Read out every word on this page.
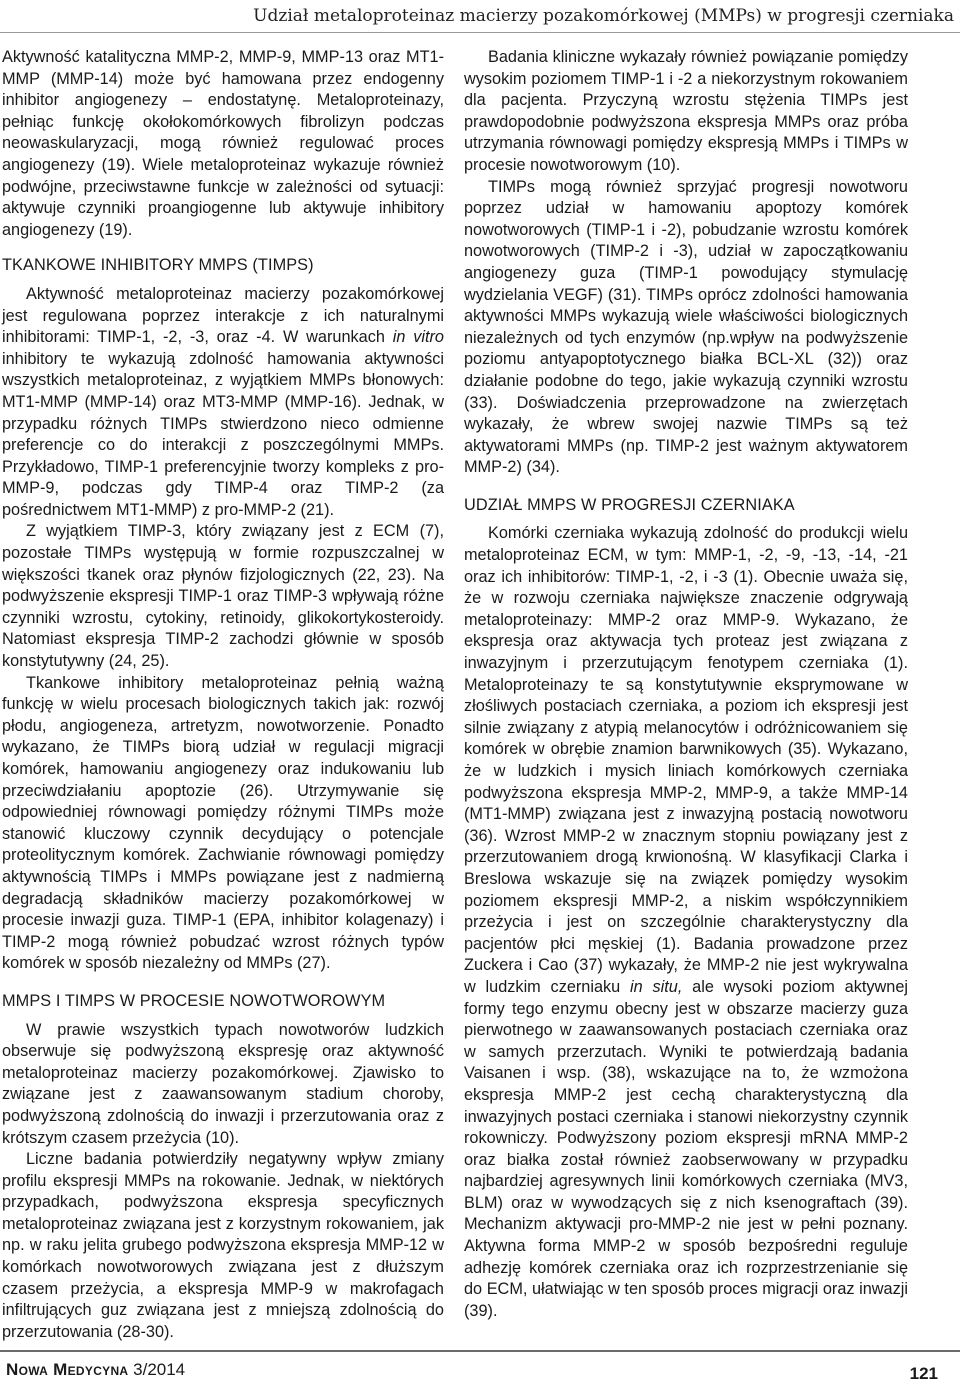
Udział metaloproteinaz macierzy pozakomórkowej (MMPs) w progresji czerniaka

Aktywność katalityczna MMP-2, MMP-9, MMP-13 oraz MT1-MMP (MMP-14) może być hamowana przez endogenny inhibitor angiogenezy – endostatynę. Metaloproteinazy, pełniąc funkcję okołokomórkowych fibrolizyn podczas neowaskularyzacji, mogą również regulować proces angiogenezy (19). Wiele metaloproteinaz wykazuje również podwójne, przeciwstawne funkcje w zależności od sytuacji: aktywuje czynniki proangiogenne lub aktywuje inhibitory angiogenezy (19).

TKANKOWE INHIBITORY MMPS (TIMPS)

Aktywność metaloproteinaz macierzy pozakomórkowej jest regulowana poprzez interakcje z ich naturalnymi inhibitorami: TIMP-1, -2, -3, oraz -4. W warunkach in vitro inhibitory te wykazują zdolność hamowania aktywności wszystkich metaloproteinaz, z wyjątkiem MMPs błonowych: MT1-MMP (MMP-14) oraz MT3-MMP (MMP-16). Jednak, w przypadku różnych TIMPs stwierdzono nieco odmienne preferencje co do interakcji z poszczególnymi MMPs. Przykładowo, TIMP-1 preferencyjnie tworzy kompleks z pro-MMP-9, podczas gdy TIMP-4 oraz TIMP-2 (za pośrednictwem MT1-MMP) z pro-MMP-2 (21).

Z wyjątkiem TIMP-3, który związany jest z ECM (7), pozostałe TIMPs występują w formie rozpuszczalnej w większości tkanek oraz płynów fizjologicznych (22, 23). Na podwyższenie ekspresji TIMP-1 oraz TIMP-3 wpływają różne czynniki wzrostu, cytokiny, retinoidy, glikokortykosteroidy. Natomiast ekspresja TIMP-2 zachodzi głównie w sposób konstytutywny (24, 25).

Tkankowe inhibitory metaloproteinaz pełnią ważną funkcję w wielu procesach biologicznych takich jak: rozwój płodu, angiogeneza, artretyzm, nowotworzenie. Ponadto wykazano, że TIMPs biorą udział w regulacji migracji komórek, hamowaniu angiogenezy oraz indukowaniu lub przeciwdziałaniu apoptozie (26). Utrzymywanie się odpowiedniej równowagi pomiędzy różnymi TIMPs może stanowić kluczowy czynnik decydujący o potencjale proteolitycznym komórek. Zachwianie równowagi pomiędzy aktywnością TIMPs i MMPs powiązane jest z nadmierną degradacją składników macierzy pozakomórkowej w procesie inwazji guza. TIMP-1 (EPA, inhibitor kolagenazy) i TIMP-2 mogą również pobudzać wzrost różnych typów komórek w sposób niezależny od MMPs (27).

MMPS I TIMPS W PROCESIE NOWOTWOROWYM

W prawie wszystkich typach nowotworów ludzkich obserwuje się podwyższoną ekspresję oraz aktywność metaloproteinaz macierzy pozakomórkowej. Zjawisko to związane jest z zaawansowanym stadium choroby, podwyższoną zdolnością do inwazji i przerzutowania oraz z krótszym czasem przeżycia (10).

Liczne badania potwierdziły negatywny wpływ zmiany profilu ekspresji MMPs na rokowanie. Jednak, w niektórych przypadkach, podwyższona ekspresja specyficznych metaloproteinaz związana jest z korzystnym rokowaniem, jak np. w raku jelita grubego podwyższona ekspresja MMP-12 w komórkach nowotworowych związana jest z dłuższym czasem przeżycia, a ekspresja MMP-9 w makrofagach infiltrujących guz związana jest z mniejszą zdolnością do przerzutowania (28-30).

Badania kliniczne wykazały również powiązanie pomiędzy wysokim poziomem TIMP-1 i -2 a niekorzystnym rokowaniem dla pacjenta. Przyczyną wzrostu stężenia TIMPs jest prawdopodobnie podwyższona ekspresja MMPs oraz próba utrzymania równowagi pomiędzy ekspresją MMPs i TIMPs w procesie nowotworowym (10).

TIMPs mogą również sprzyjać progresji nowotworu poprzez udział w hamowaniu apoptozy komórek nowotworowych (TIMP-1 i -2), pobudzanie wzrostu komórek nowotworowych (TIMP-2 i -3), udział w zapoczątkowaniu angiogenezy guza (TIMP-1 powodujący stymulację wydzielania VEGF) (31). TIMPs oprócz zdolności hamowania aktywności MMPs wykazują wiele właściwości biologicznych niezależnych od tych enzymów (np.wpływ na podwyższenie poziomu antyapoptotycznego białka BCL-XL (32)) oraz działanie podobne do tego, jakie wykazują czynniki wzrostu (33). Doświadczenia przeprowadzone na zwierzętach wykazały, że wbrew swojej nazwie TIMPs są też aktywatorami MMPs (np. TIMP-2 jest ważnym aktywatorem MMP-2) (34).

UDZIAŁ MMPS W PROGRESJI CZERNIAKA

Komórki czerniaka wykazują zdolność do produkcji wielu metaloproteinaz ECM, w tym: MMP-1, -2, -9, -13, -14, -21 oraz ich inhibitorów: TIMP-1, -2, i -3 (1). Obecnie uważa się, że w rozwoju czerniaka największe znaczenie odgrywają metaloproteinazy: MMP-2 oraz MMP-9. Wykazano, że ekspresja oraz aktywacja tych proteaz jest związana z inwazyjnym i przerzutującym fenotypem czerniaka (1). Metaloproteinazy te są konstytutywnie eksprymowane w złośliwych postaciach czerniaka, a poziom ich ekspresji jest silnie związany z atypią melanocytów i odróżnicowaniem się komórek w obrębie znamion barwnikowych (35). Wykazano, że w ludzkich i mysich liniach komórkowych czerniaka podwyższona ekspresja MMP-2, MMP-9, a także MMP-14 (MT1-MMP) związana jest z inwazyjną postacią nowotworu (36). Wzrost MMP-2 w znacznym stopniu powiązany jest z przerzutowaniem drogą krwionośną. W klasyfikacji Clarka i Breslowa wskazuje się na związek pomiędzy wysokim poziomem ekspresji MMP-2, a niskim współczynnikiem przeżycia i jest on szczególnie charakterystyczny dla pacjentów płci męskiej (1). Badania prowadzone przez Zuckera i Cao (37) wykazały, że MMP-2 nie jest wykrywalna w ludzkim czerniaku in situ, ale wysoki poziom aktywnej formy tego enzymu obecny jest w obszarze macierzy guza pierwotnego w zaawansowanych postaciach czerniaka oraz w samych przerzutach. Wyniki te potwierdzają badania Vaisanen i wsp. (38), wskazujące na to, że wzmożona ekspresja MMP-2 jest cechą charakterystyczną dla inwazyjnych postaci czerniaka i stanowi niekorzystny czynnik rokowniczy. Podwyższony poziom ekspresji mRNA MMP-2 oraz białka został również zaobserwowany w przypadku najbardziej agresywnych linii komórkowych czerniaka (MV3, BLM) oraz w wywodzących się z nich ksenograftach (39). Mechanizm aktywacji pro-MMP-2 nie jest w pełni poznany. Aktywna forma MMP-2 w sposób bezpośredni reguluje adhezję komórek czerniaka oraz ich rozprzestrzenianie się do ECM, ułatwiając w ten sposób proces migracji oraz inwazji (39).

Nowa Medycyna 3/2014	121
